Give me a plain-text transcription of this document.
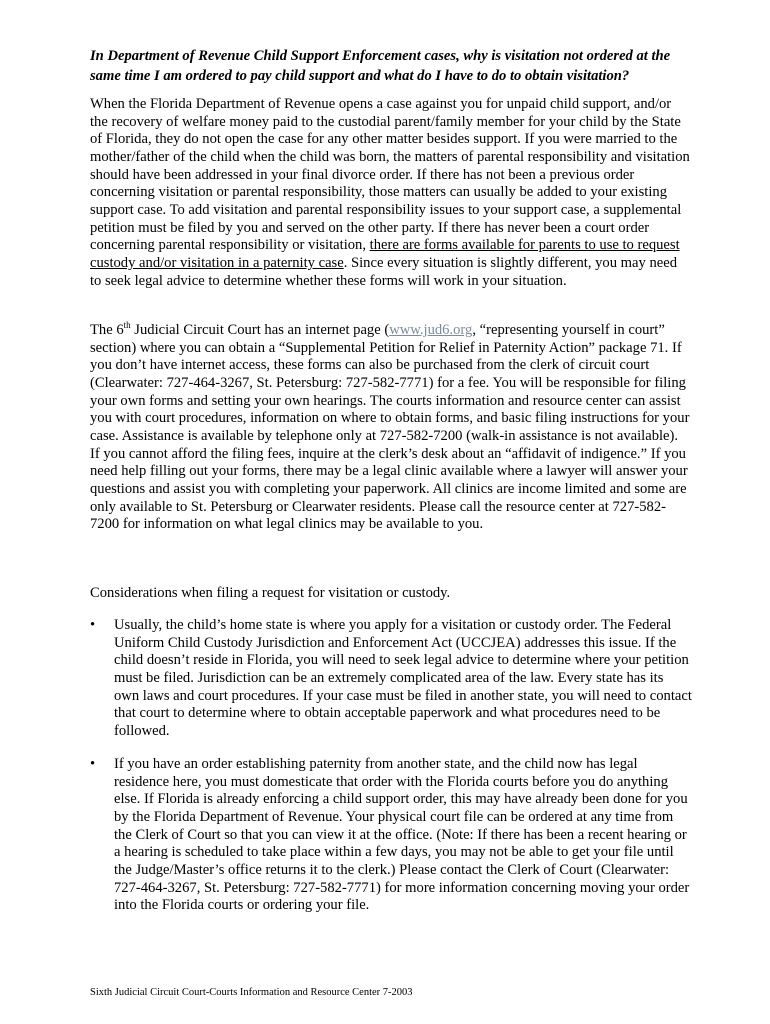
In Department of Revenue Child Support Enforcement cases, why is visitation not ordered at the same time I am ordered to pay child support and what do I have to do to obtain visitation?
When the Florida Department of Revenue opens a case against you for unpaid child support, and/or the recovery of welfare money paid to the custodial parent/family member for your child by the State of Florida, they do not open the case for any other matter besides support. If you were married to the mother/father of the child when the child was born, the matters of parental responsibility and visitation should have been addressed in your final divorce order. If there has not been a previous order concerning visitation or parental responsibility, those matters can usually be added to your existing support case. To add visitation and parental responsibility issues to your support case, a supplemental petition must be filed by you and served on the other party. If there has never been a court order concerning parental responsibility or visitation, there are forms available for parents to use to request custody and/or visitation in a paternity case. Since every situation is slightly different, you may need to seek legal advice to determine whether these forms will work in your situation.
The 6th Judicial Circuit Court has an internet page (www.jud6.org, “representing yourself in court” section) where you can obtain a “Supplemental Petition for Relief in Paternity Action” package 71. If you don’t have internet access, these forms can also be purchased from the clerk of circuit court (Clearwater: 727-464-3267, St. Petersburg: 727-582-7771) for a fee. You will be responsible for filing your own forms and setting your own hearings. The courts information and resource center can assist you with court procedures, information on where to obtain forms, and basic filing instructions for your case. Assistance is available by telephone only at 727-582-7200 (walk-in assistance is not available). If you cannot afford the filing fees, inquire at the clerk’s desk about an “affidavit of indigence.” If you need help filling out your forms, there may be a legal clinic available where a lawyer will answer your questions and assist you with completing your paperwork. All clinics are income limited and some are only available to St. Petersburg or Clearwater residents. Please call the resource center at 727-582-7200 for information on what legal clinics may be available to you.
Considerations when filing a request for visitation or custody.
•	Usually, the child’s home state is where you apply for a visitation or custody order. The Federal Uniform Child Custody Jurisdiction and Enforcement Act (UCCJEA) addresses this issue. If the child doesn’t reside in Florida, you will need to seek legal advice to determine where your petition must be filed. Jurisdiction can be an extremely complicated area of the law. Every state has its own laws and court procedures. If your case must be filed in another state, you will need to contact that court to determine where to obtain acceptable paperwork and what procedures need to be followed.
•	If you have an order establishing paternity from another state, and the child now has legal residence here, you must domesticate that order with the Florida courts before you do anything else. If Florida is already enforcing a child support order, this may have already been done for you by the Florida Department of Revenue. Your physical court file can be ordered at any time from the Clerk of Court so that you can view it at the office. (Note: If there has been a recent hearing or a hearing is scheduled to take place within a few days, you may not be able to get your file until the Judge/Master’s office returns it to the clerk.) Please contact the Clerk of Court (Clearwater: 727-464-3267, St. Petersburg: 727-582-7771) for more information concerning moving your order into the Florida courts or ordering your file.
Sixth Judicial Circuit Court-Courts Information and Resource Center 7-2003
